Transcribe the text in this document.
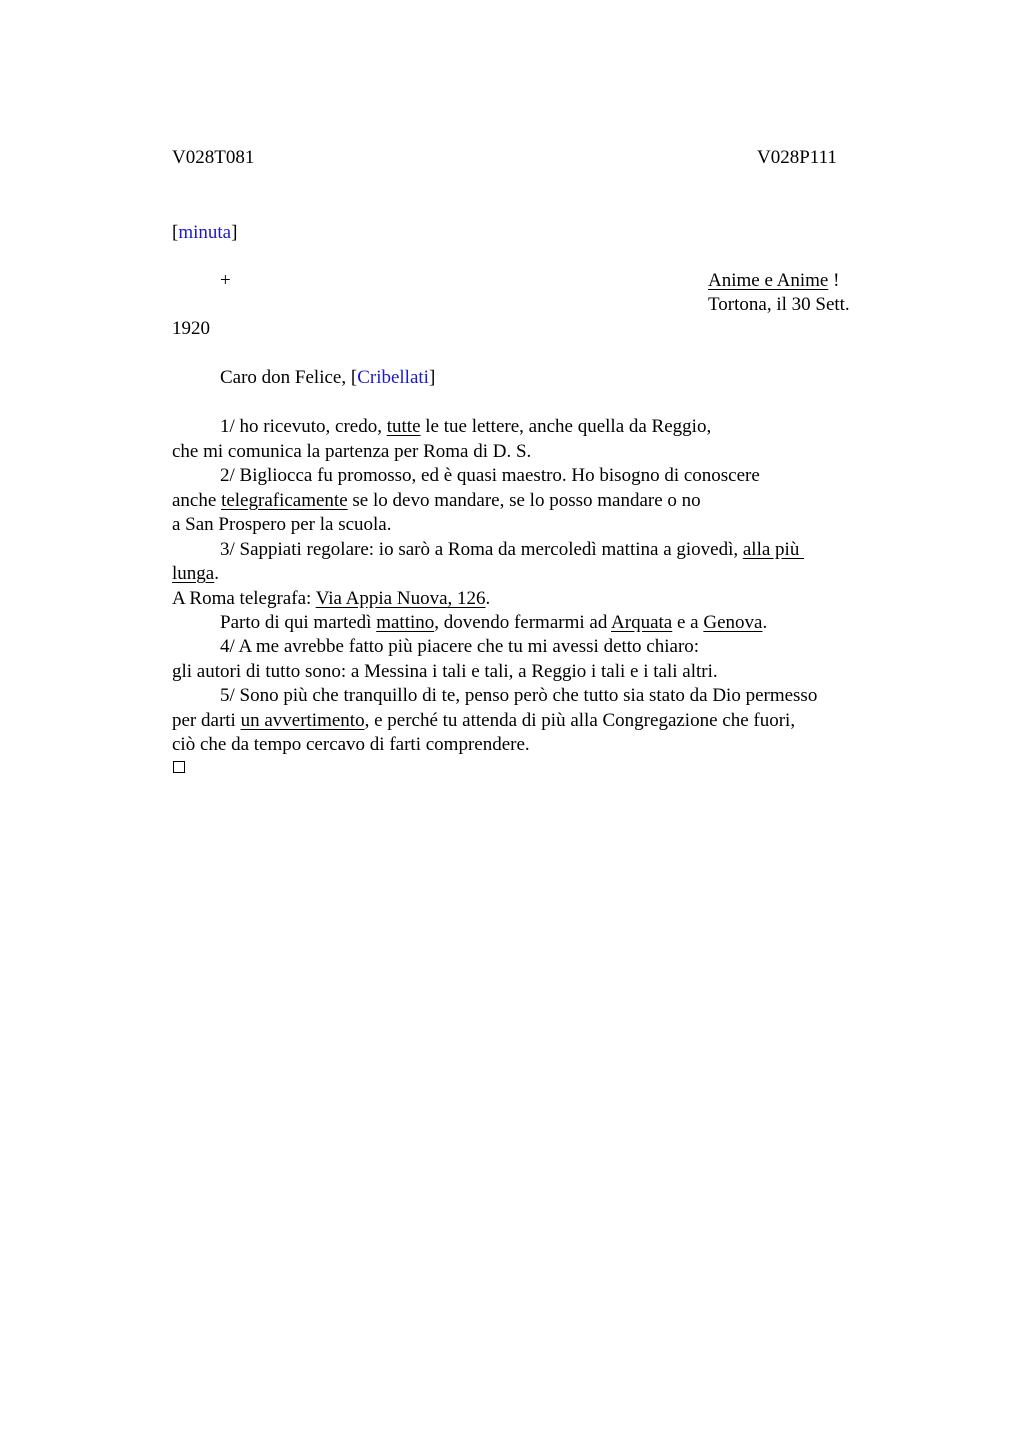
V028T081	V028P111
[minuta]
+	Anime e Anime !
Tortona, il 30 Sett.
1920
Caro don Felice, [Cribellati]
1/ ho ricevuto, credo, tutte le tue lettere, anche quella da Reggio,
che mi comunica la partenza per Roma di D. S.
2/ Bigliocca fu promosso, ed è quasi maestro. Ho bisogno di conoscere
anche telegraficamente se lo devo mandare, se lo posso mandare o no
a San Prospero per la scuola.
3/ Sappiati regolare: io sarò a Roma da mercoledì mattina a giovedì, alla più
lunga.
A Roma telegrafa: Via Appia Nuova, 126.
Parto di qui martedì mattino, dovendo fermarmi ad Arquata e a Genova.
4/ A me avrebbe fatto più piacere che tu mi avessi detto chiaro:
gli autori di tutto sono: a Messina i tali e tali, a Reggio i tali e i tali altri.
5/ Sono più che tranquillo di te, penso però che tutto sia stato da Dio permesso
per darti un avvertimento, e perché tu attenda di più alla Congregazione che fuori,
ciò che da tempo cercavo di farti comprendere.
